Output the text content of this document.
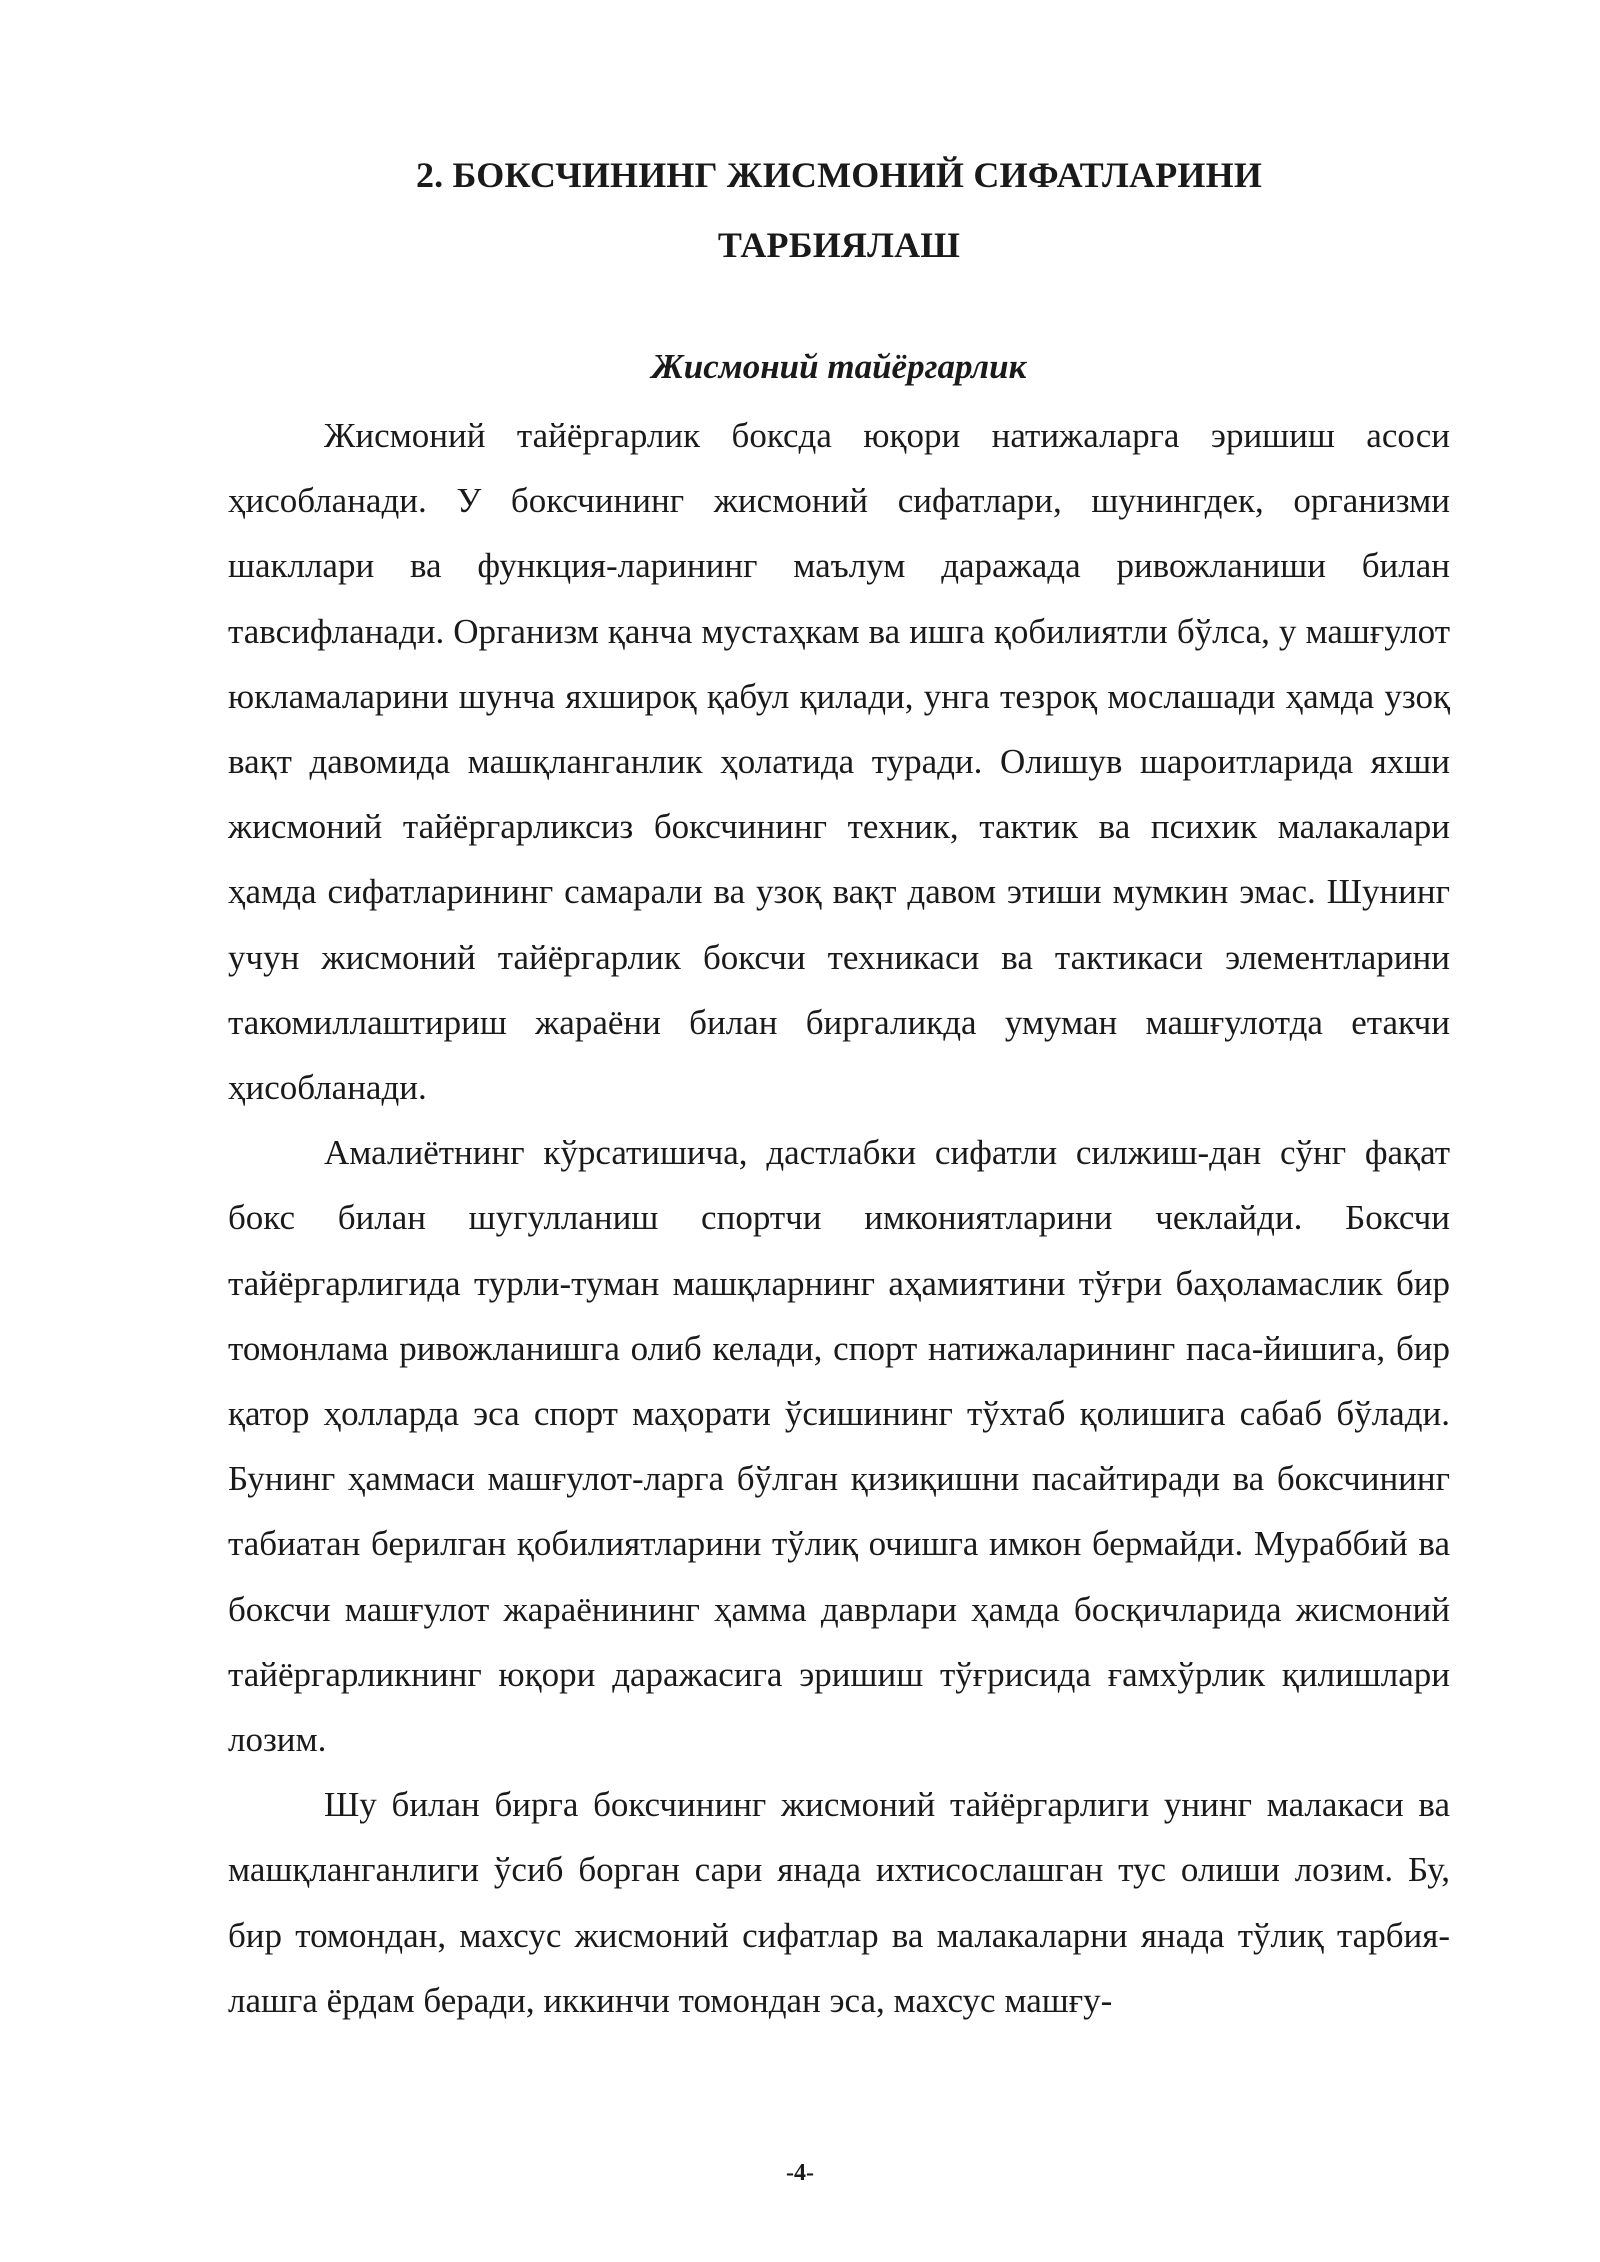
2. БОКСЧИНИНГ ЖИСМОНИЙ СИФАТЛАРИНИ
ТАРБИЯЛАШ
Жисмоний тайёргарлик

Жисмоний тайёргарлик боксда юқори натижаларга эришиш асоси ҳисобланади. У боксчининг жисмоний сифатлари, шунингдек, организми шакллари ва функция-ларининг маълум даражада ривожланиши билан тавсифланади. Организм қанча мустаҳкам ва ишга қобилиятли бўлса, у машғулот юкламаларини шунча яхшироқ қабул қилади, унга тезроқ мослашади ҳамда узоқ вақт давомида машқланганлик ҳолатида туради. Олишув шароитларида яхши жисмоний тайёргарликсиз боксчининг техник, тактик ва психик малакалари ҳамда сифатларининг самарали ва узоқ вақт давом этиши мумкин эмас. Шунинг учун жисмоний тайёргарлик боксчи техникаси ва тактикаси элементларини такомиллаштириш жараёни билан биргаликда умуман машғулотда етакчи ҳисобланади.

Амалиётнинг кўрсатишича, дастлабки сифатли силжиш-дан сўнг фақат бокс билан шугулланиш спортчи имкониятларини чеклайди. Боксчи тайёргарлигида турли-туман машқларнинг аҳамиятини тўғри баҳоламаслик бир томонлама ривожланишга олиб келади, спорт натижаларининг паса-йишига, бир қатор ҳолларда эса спорт маҳорати ўсишининг тўхтаб қолишига сабаб бўлади. Бунинг ҳаммаси машғулот-ларга бўлган қизиқишни пасайтиради ва боксчининг табиатан берилган қобилиятларини тўлиқ очишга имкон бермайди. Мураббий ва боксчи машғулот жараёнининг ҳамма даврлари ҳамда босқичларида жисмоний тайёргарликнинг юқори даражасига эришиш тўғрисида ғамхўрлик қилишлари лозим.

Шу билан бирга боксчининг жисмоний тайёргарлиги унинг малакаси ва машқланганлиги ўсиб борган сари янада ихтисослашган тус олиши лозим. Бу, бир томондан, махсус жисмоний сифатлар ва малакаларни янада тўлиқ тарбия-лашга ёрдам беради, иккинчи томондан эса, махсус машғу-

-4-
